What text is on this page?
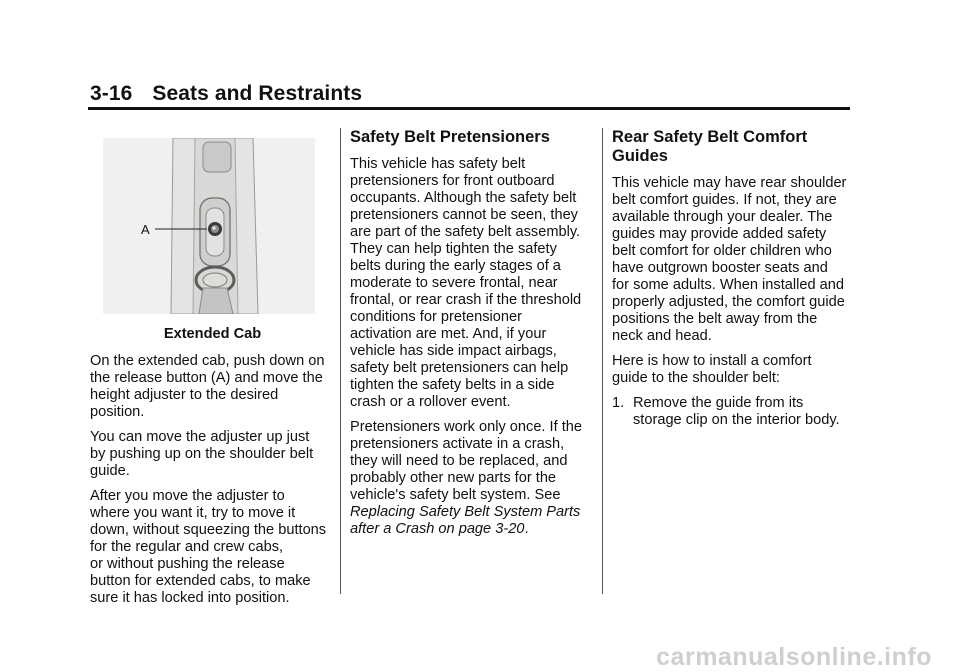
3-16 Seats and Restraints
A
Extended Cab

On the extended cab, push down on
the release button (A) and move the
height adjuster to the desired
position.

You can move the adjuster up just
by pushing up on the shoulder belt
guide.

After you move the adjuster to
where you want it, try to move it
down, without squeezing the buttons
for the regular and crew cabs,
or without pushing the release
button for extended cabs, to make
sure it has locked into position.

Safety Belt Pretensioners

This vehicle has safety belt
pretensioners for front outboard
occupants. Although the safety belt
pretensioners cannot be seen, they
are part of the safety belt assembly.
They can help tighten the safety
belts during the early stages of a
moderate to severe frontal, near
frontal, or rear crash if the threshold
conditions for pretensioner
activation are met. And, if your
vehicle has side impact airbags,
safety belt pretensioners can help
tighten the safety belts in a side
crash or a rollover event.

Pretensioners work only once. If the
pretensioners activate in a crash,
they will need to be replaced, and
probably other new parts for the
vehicle's safety belt system. See

Replacing Safety Belt System Parts
after a Crash on page 3-20.

Rear Safety Belt Comfort
Guides

This vehicle may have rear shoulder
belt comfort guides. If not, they are
available through your dealer. The
guides may provide added safety
belt comfort for older children who
have outgrown booster seats and
for some adults. When installed and
properly adjusted, the comfort guide
positions the belt away from the
neck and head.

Here is how to install a comfort
guide to the shoulder belt:

1. Remove the guide from its
storage clip on the interior body.
carmanualsonline.info
